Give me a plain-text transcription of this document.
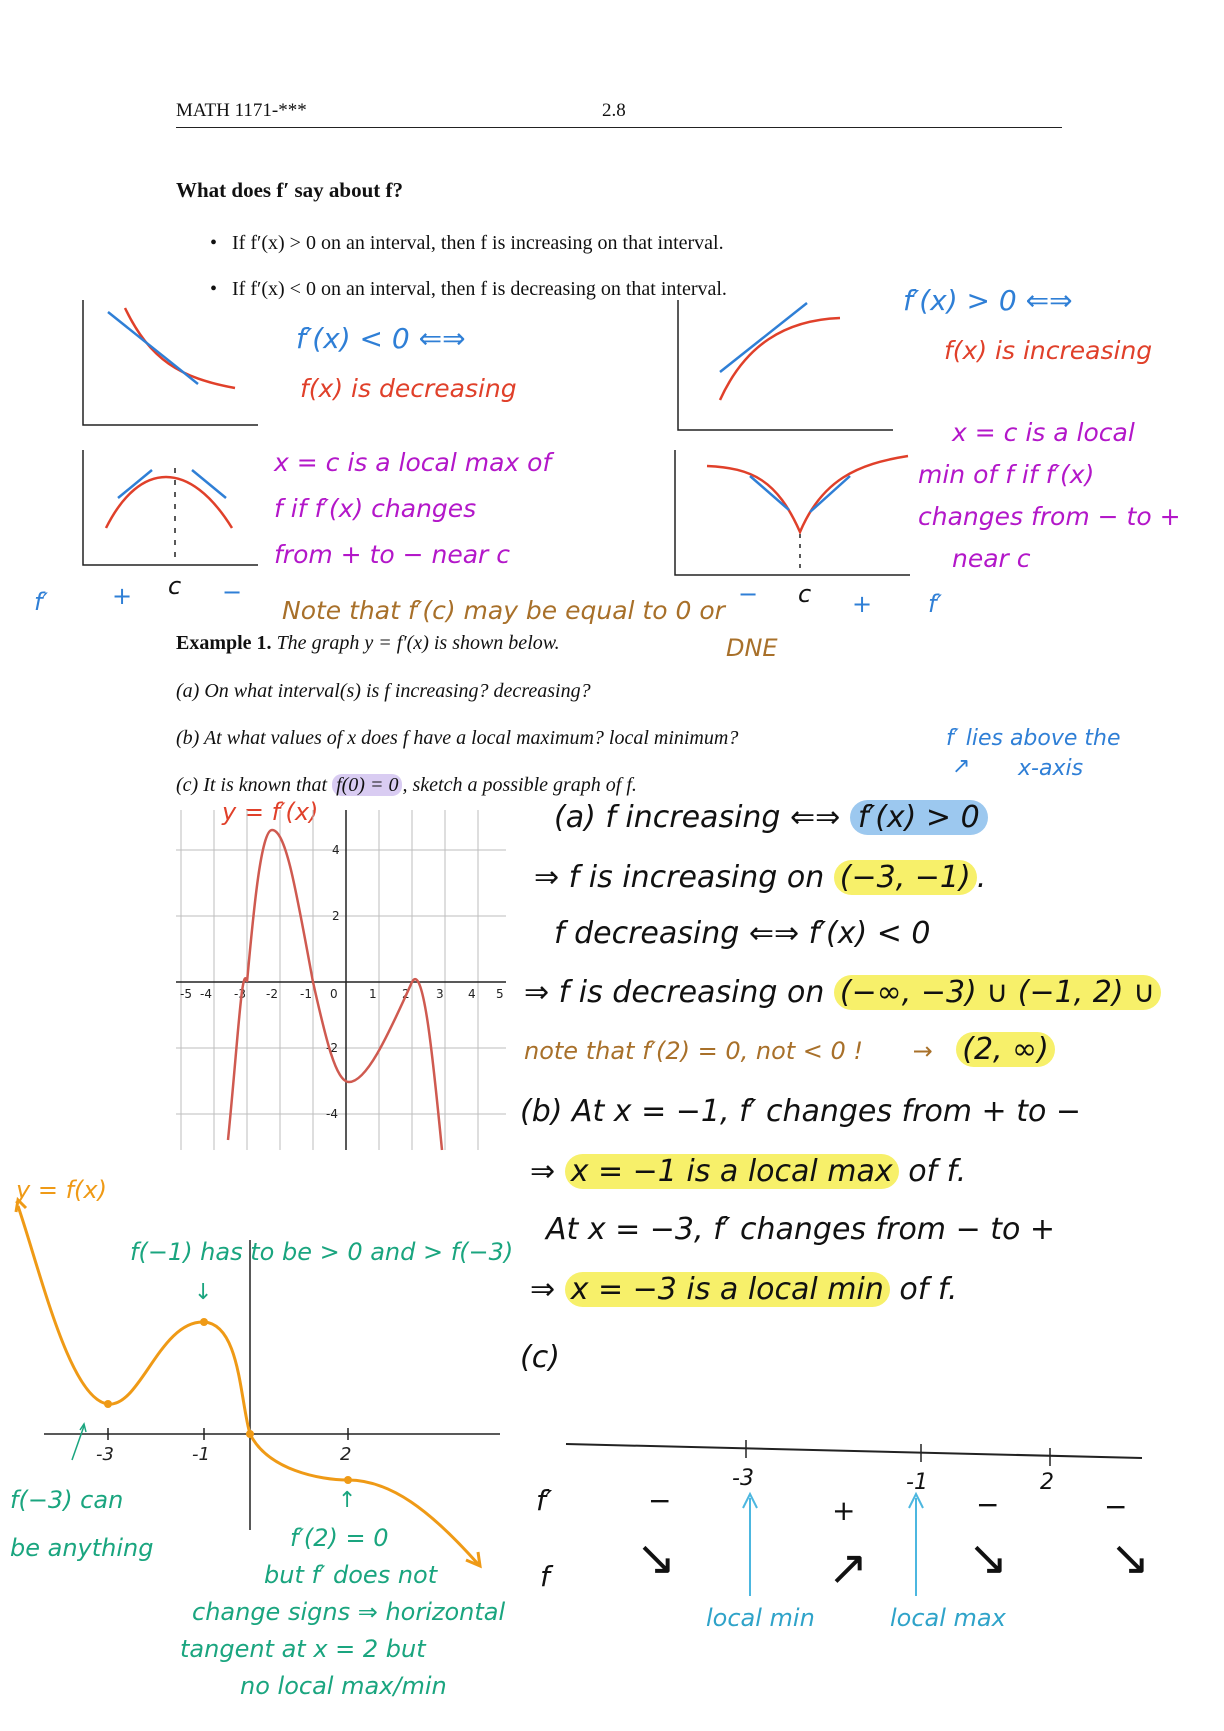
MATH 1171-***	2.8
What does f′ say about f?
• If f′(x) > 0 on an interval, then f is increasing on that interval.
• If f′(x) < 0 on an interval, then f is decreasing on that interval.
f′(x) < 0 ⇐⇒
f(x) is decreasing
f′(x) > 0 ⇐⇒
f(x) is increasing
x = c is a local max of
f if f′(x) changes
from + to − near c
x = c is a local
min of f if f′(x)
changes from − to +
near c
f′	+ c −	− c + f′
Note that f′(c) may be equal to 0 or
DNE
Example 1. The graph y = f′(x) is shown below.
(a) On what interval(s) is f increasing? decreasing?
(b) At what values of x does f have a local maximum? local minimum?
(c) It is known that f(0) = 0 , sketch a possible graph of f.
f′ lies above the
x-axis
↗
y = f′(x)
-5 -4 -3 -2 -1 0	1 2 3 4 5
4
2
-2
-4
(a) f increasing ⇐⇒ f′(x) > 0
⇒ f is increasing on (−3, −1) .
f decreasing ⇐⇒ f′(x) < 0
⇒ f is decreasing on (−∞, −3) ∪ (−1, 2) ∪
note that f′(2) = 0, not < 0 ! → (2, ∞)
(b) At x = −1, f′ changes from + to −
⇒ x = −1 is a local max of f.
At x = −3, f′ changes from − to +
⇒ x = −3 is a local min of f.
(c)
y = f(x)
-3	-1	2
f(−1) has to be > 0 and > f(−3)
↓
f(−3) can
be anything
↑
f′(2) = 0
but f′ does not
change signs ⇒ horizontal
tangent at x = 2 but
no local max/min
-3	-1	2
f′
f
−	+	−	−
↘	↗ ↘ ↘
local min	local max
